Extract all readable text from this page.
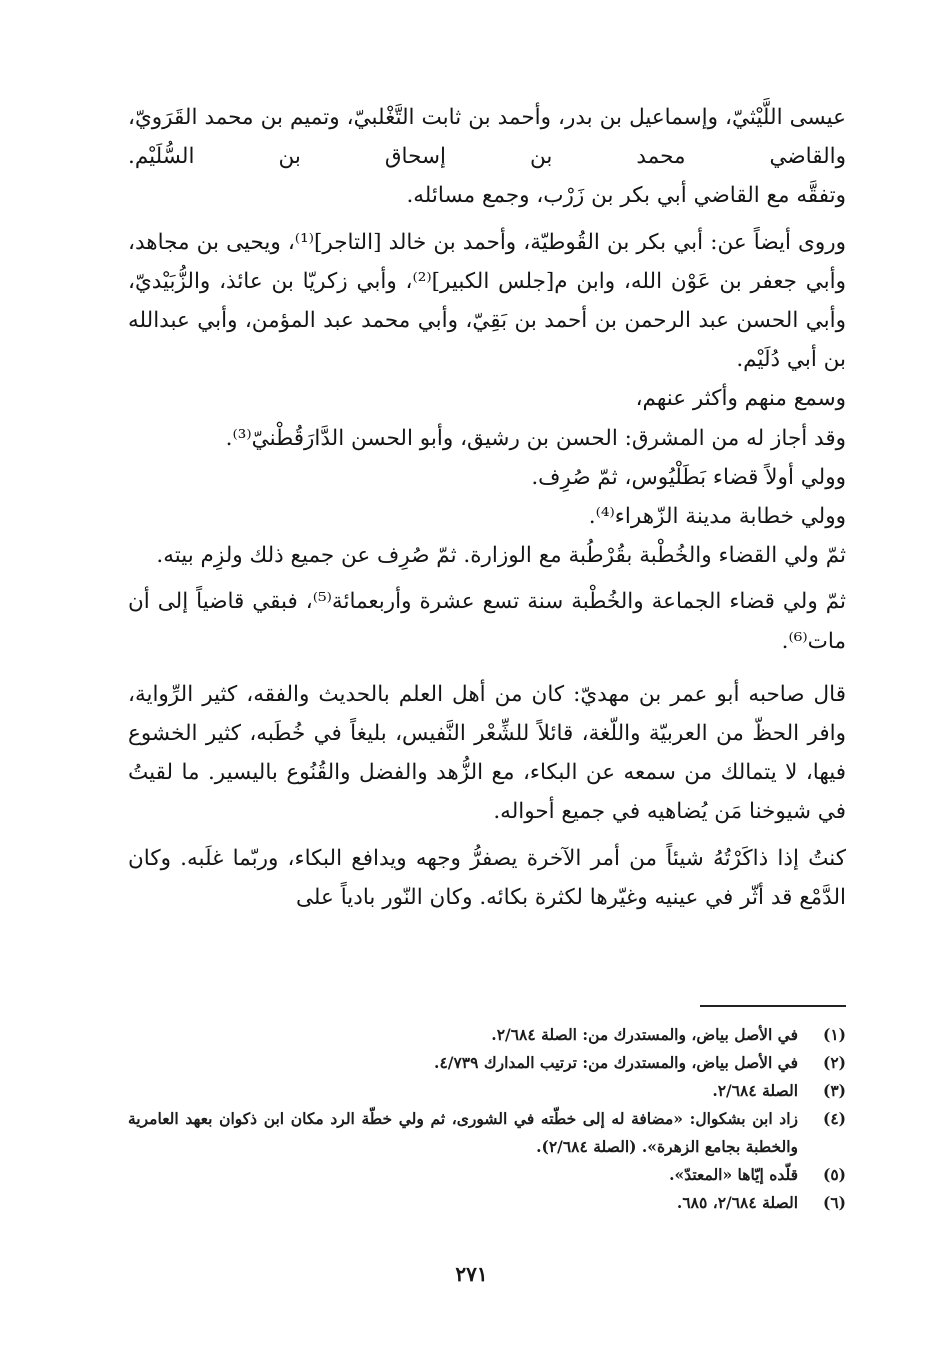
عيسى اللَّيْثيّ، وإسماعيل بن بدر، وأحمد بن ثابت التَّغْلبيّ، وتميم بن محمد القَرَويّ، والقاضي محمد بن إسحاق بن السُّلَيْم.

وتفقَّه مع القاضي أبي بكر بن زَرْب، وجمع مسائله.

وروى أيضاً عن: أبي بكر بن القُوطيّة، وأحمد بن خالد [التاجر]⁽¹⁾، ويحيى بن مجاهد، وأبي جعفر بن عَوْن الله، وابن م[جلس الكبير]⁽²⁾، وأبي زكريّا بن عائذ، والزُّبَيْديّ، وأبي الحسن عبد الرحمن بن أحمد بن بَقِيّ، وأبي محمد عبد المؤمن، وأبي عبدالله بن أبي دُلَيْم.

وسمع منهم وأكثر عنهم،

وقد أجاز له من المشرق: الحسن بن رشيق، وأبو الحسن الدَّارَقُطْنيّ⁽³⁾.

وولي أولاً قضاء بَطَلْيُوس، ثمّ صُرِف.

وولي خطابة مدينة الزّهراء⁽⁴⁾.

ثمّ ولي القضاء والخُطْبة بقُرْطُبة مع الوزارة. ثمّ صُرِف عن جميع ذلك ولزِم بيته.

ثمّ ولي قضاء الجماعة والخُطْبة سنة تسع عشرة وأربعمائة⁽⁵⁾، فبقي قاضياً إلى أن مات⁽⁶⁾.

قال صاحبه أبو عمر بن مهديّ: كان من أهل العلم بالحديث والفقه، كثير الرِّواية، وافر الحظّ من العربيّة واللّغة، قائلاً للشِّعْر النَّفيس، بليغاً في خُطَبه، كثير الخشوع فيها، لا يتمالك من سمعه عن البكاء، مع الزُّهد والفضل والقُنُوع باليسير. ما لقيتُ في شيوخنا مَن يُضاهيه في جميع أحواله.

كنتُ إذا ذاكَرْتُهُ شيئاً من أمر الآخرة يصفرُّ وجهه ويدافع البكاء، وربّما غلَبه. وكان الدَّمْع قد أثّر في عينيه وغيّرها لكثرة بكائه. وكان النّور بادياً على

(١)
في الأصل بياض، والمستدرك من: الصلة ٢/٦٨٤.
(٢)
في الأصل بياض، والمستدرك من: ترتيب المدارك ٤/٧٣٩.
(٣)
الصلة ٢/٦٨٤.
(٤)
زاد ابن بشكوال: «مضافة له إلى خطّته في الشورى، ثم ولي خطّة الرد مكان ابن ذكوان بعهد العامرية والخطبة بجامع الزهرة». (الصلة ٢/٦٨٤).
(٥)
قلّده إيّاها «المعتدّ».
(٦)
الصلة ٢/٦٨٤، ٦٨٥.
٢٧١
